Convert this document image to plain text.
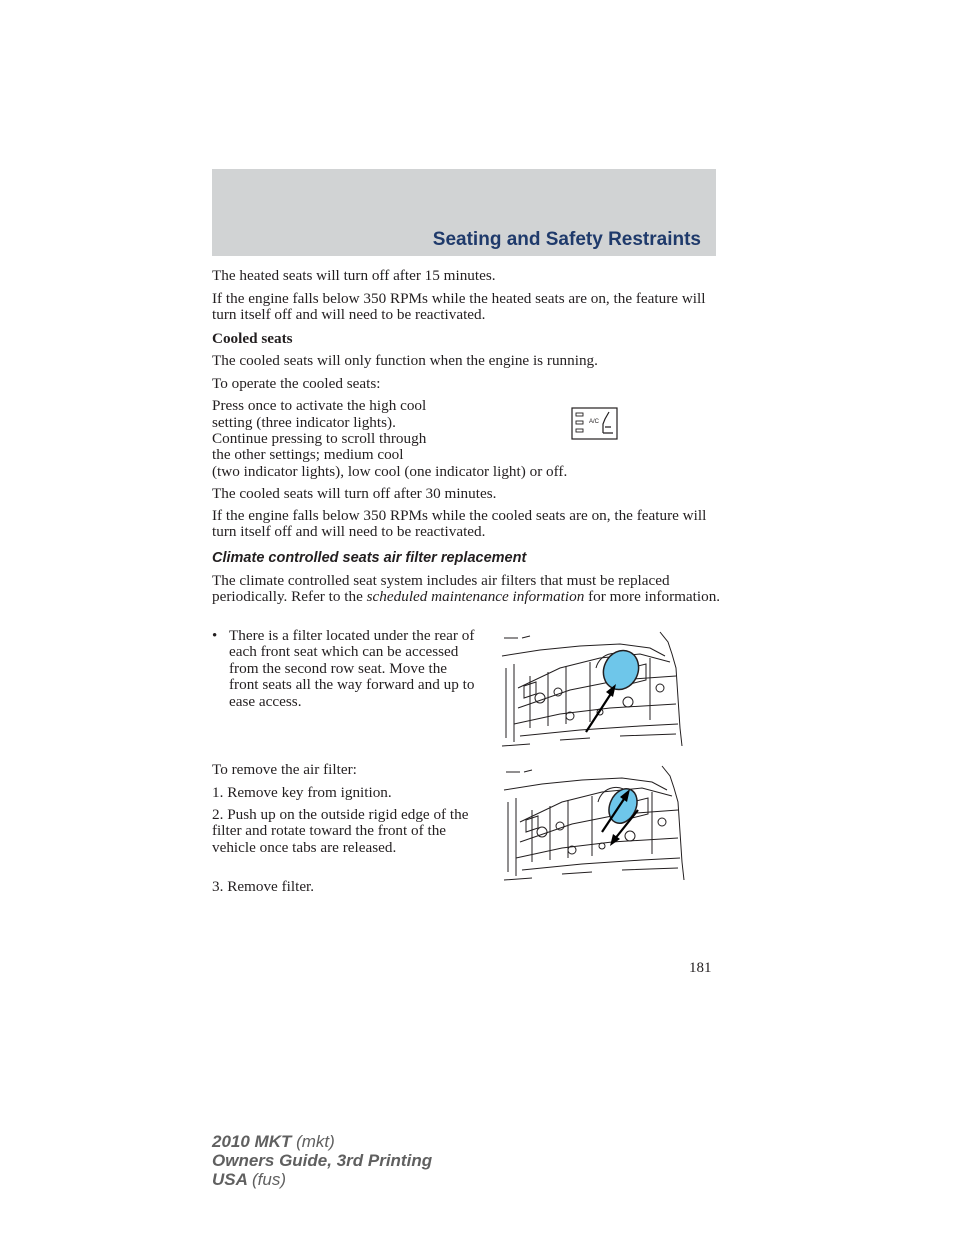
Seating and Safety Restraints

The heated seats will turn off after 15 minutes.

If the engine falls below 350 RPMs while the heated seats are on, the feature will turn itself off and will need to be reactivated.

Cooled seats

The cooled seats will only function when the engine is running.

To operate the cooled seats:

Press once to activate the high cool

setting (three indicator lights).

Continue pressing to scroll through

the other settings; medium cool

(two indicator lights), low cool (one indicator light) or off.

A/C

The cooled seats will turn off after 30 minutes.

If the engine falls below 350 RPMs while the cooled seats are on, the feature will turn itself off and will need to be reactivated.

Climate controlled seats air filter replacement

The climate controlled seat system includes air filters that must be replaced periodically. Refer to the scheduled maintenance information for more information.

• There is a filter located under the rear of each front seat which can be accessed from the second row seat. Move the front seats all the way forward and up to ease access.

To remove the air filter:

1. Remove key from ignition.

2. Push up on the outside rigid edge of the filter and rotate toward the front of the vehicle once tabs are released.

3. Remove filter.

181
2010 MKT (mkt)
Owners Guide, 3rd Printing
USA (fus)
